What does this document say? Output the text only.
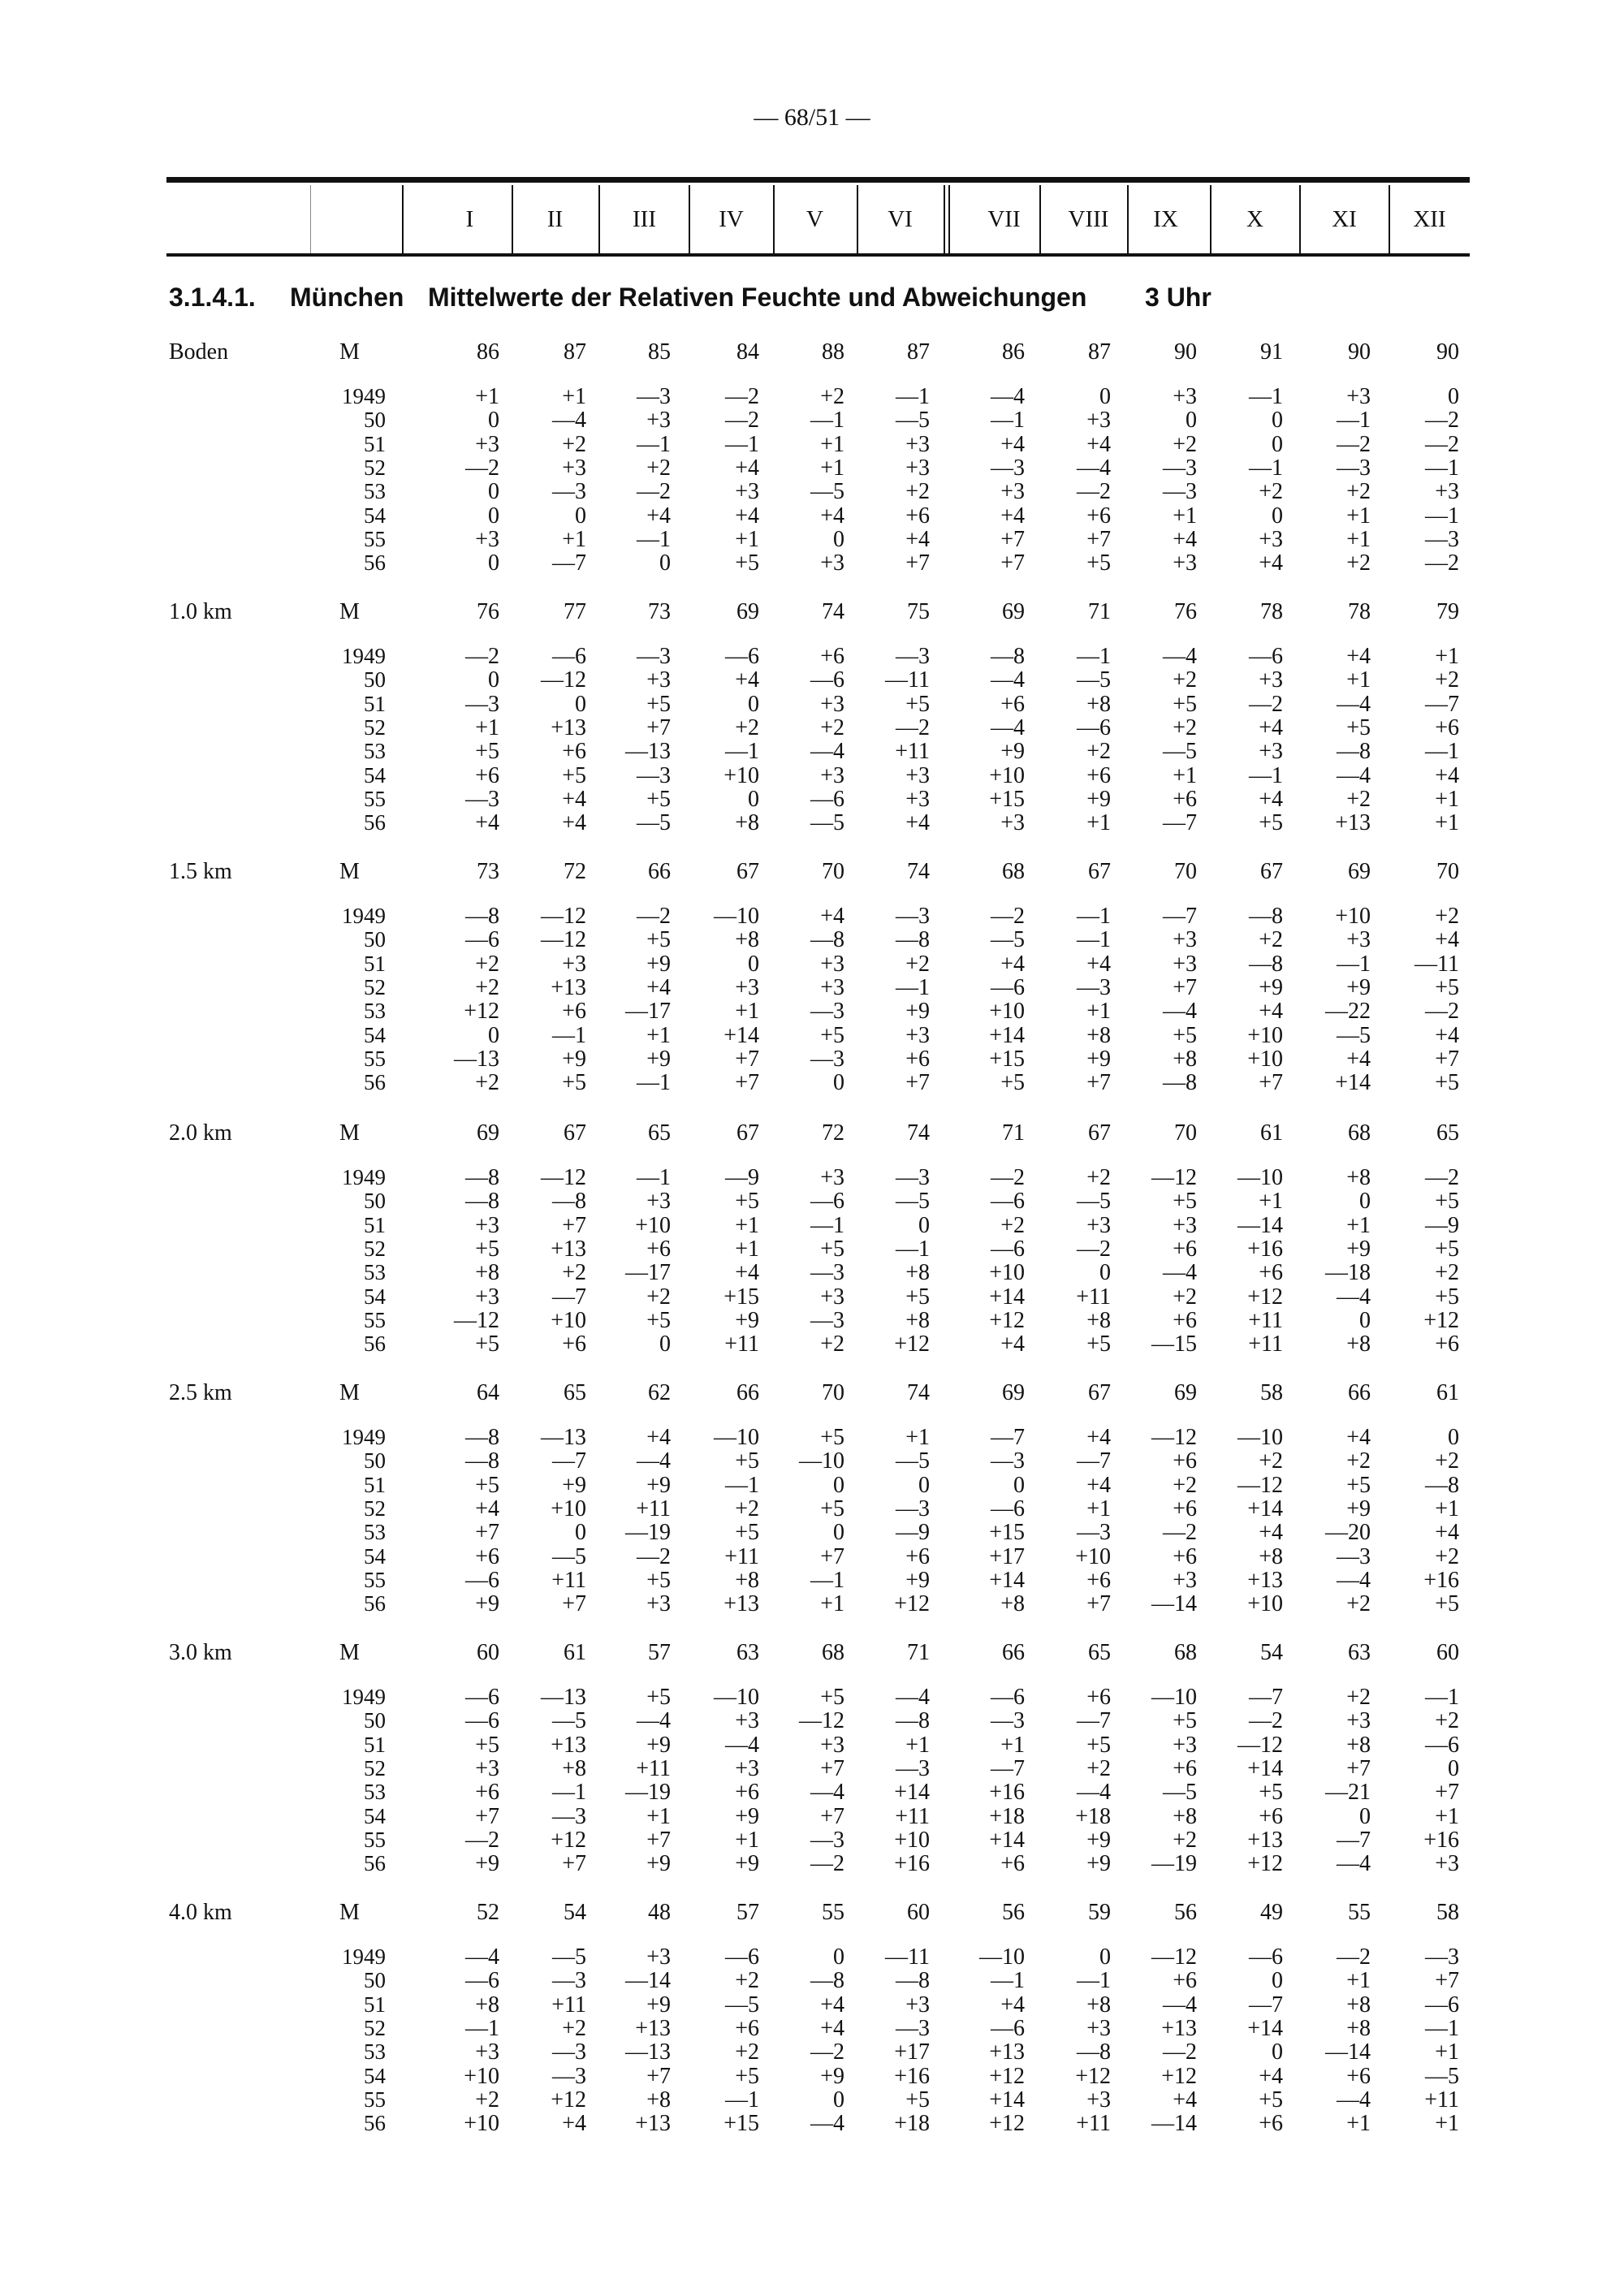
— 68/51 —
I	II	III	IV	V	VI	VII	VIII	IX	X	XI	XII
3.1.4.1. München Mittelwerte der Relativen Feuchte und Abweichungen 3 Uhr
Boden	M	86	87	85	84	88	87	86	87	90	91	90	90
1949	+1	+1	—3	—2	+2	—1	—4	0	+3	—1	+3	0
50	0	—4	+3	—2	—1	—5	—1	+3	0	0	—1	—2
51	+3	+2	—1	—1	+1	+3	+4	+4	+2	0	—2	—2
52	—2	+3	+2	+4	+1	+3	—3	—4	—3	—1	—3	—1
53	0	—3	—2	+3	—5	+2	+3	—2	—3	+2	+2	+3
54	0	0	+4	+4	+4	+6	+4	+6	+1	0	+1	—1
55	+3	+1	—1	+1	0	+4	+7	+7	+4	+3	+1	—3
56	0	—7	0	+5	+3	+7	+7	+5	+3	+4	+2	—2
1.0 km	M	76	77	73	69	74	75	69	71	76	78	78	79
1949	—2	—6	—3	—6	+6	—3	—8	—1	—4	—6	+4	+1
50	0	—12	+3	+4	—6	—11	—4	—5	+2	+3	+1	+2
51	—3	0	+5	0	+3	+5	+6	+8	+5	—2	—4	—7
52	+1	+13	+7	+2	+2	—2	—4	—6	+2	+4	+5	+6
53	+5	+6	—13	—1	—4	+11	+9	+2	—5	+3	—8	—1
54	+6	+5	—3	+10	+3	+3	+10	+6	+1	—1	—4	+4
55	—3	+4	+5	0	—6	+3	+15	+9	+6	+4	+2	+1
56	+4	+4	—5	+8	—5	+4	+3	+1	—7	+5	+13	+1
1.5 km	M	73	72	66	67	70	74	68	67	70	67	69	70
1949	—8	—12	—2	—10	+4	—3	—2	—1	—7	—8	+10	+2
50	—6	—12	+5	+8	—8	—8	—5	—1	+3	+2	+3	+4
51	+2	+3	+9	0	+3	+2	+4	+4	+3	—8	—1	—11
52	+2	+13	+4	+3	+3	—1	—6	—3	+7	+9	+9	+5
53	+12	+6	—17	+1	—3	+9	+10	+1	—4	+4	—22	—2
54	0	—1	+1	+14	+5	+3	+14	+8	+5	+10	—5	+4
55	—13	+9	+9	+7	—3	+6	+15	+9	+8	+10	+4	+7
56	+2	+5	—1	+7	0	+7	+5	+7	—8	+7	+14	+5
2.0 km	M	69	67	65	67	72	74	71	67	70	61	68	65
1949	—8	—12	—1	—9	+3	—3	—2	+2	—12	—10	+8	—2
50	—8	—8	+3	+5	—6	—5	—6	—5	+5	+1	0	+5
51	+3	+7	+10	+1	—1	0	+2	+3	+3	—14	+1	—9
52	+5	+13	+6	+1	+5	—1	—6	—2	+6	+16	+9	+5
53	+8	+2	—17	+4	—3	+8	+10	0	—4	+6	—18	+2
54	+3	—7	+2	+15	+3	+5	+14	+11	+2	+12	—4	+5
55	—12	+10	+5	+9	—3	+8	+12	+8	+6	+11	0	+12
56	+5	+6	0	+11	+2	+12	+4	+5	—15	+11	+8	+6
2.5 km	M	64	65	62	66	70	74	69	67	69	58	66	61
1949	—8	—13	+4	—10	+5	+1	—7	+4	—12	—10	+4	0
50	—8	—7	—4	+5	—10	—5	—3	—7	+6	+2	+2	+2
51	+5	+9	+9	—1	0	0	0	+4	+2	—12	+5	—8
52	+4	+10	+11	+2	+5	—3	—6	+1	+6	+14	+9	+1
53	+7	0	—19	+5	0	—9	+15	—3	—2	+4	—20	+4
54	+6	—5	—2	+11	+7	+6	+17	+10	+6	+8	—3	+2
55	—6	+11	+5	+8	—1	+9	+14	+6	+3	+13	—4	+16
56	+9	+7	+3	+13	+1	+12	+8	+7	—14	+10	+2	+5
3.0 km	M	60	61	57	63	68	71	66	65	68	54	63	60
1949	—6	—13	+5	—10	+5	—4	—6	+6	—10	—7	+2	—1
50	—6	—5	—4	+3	—12	—8	—3	—7	+5	—2	+3	+2
51	+5	+13	+9	—4	+3	+1	+1	+5	+3	—12	+8	—6
52	+3	+8	+11	+3	+7	—3	—7	+2	+6	+14	+7	0
53	+6	—1	—19	+6	—4	+14	+16	—4	—5	+5	—21	+7
54	+7	—3	+1	+9	+7	+11	+18	+18	+8	+6	0	+1
55	—2	+12	+7	+1	—3	+10	+14	+9	+2	+13	—7	+16
56	+9	+7	+9	+9	—2	+16	+6	+9	—19	+12	—4	+3
4.0 km	M	52	54	48	57	55	60	56	59	56	49	55	58
1949	—4	—5	+3	—6	0	—11	—10	0	—12	—6	—2	—3
50	—6	—3	—14	+2	—8	—8	—1	—1	+6	0	+1	+7
51	+8	+11	+9	—5	+4	+3	+4	+8	—4	—7	+8	—6
52	—1	+2	+13	+6	+4	—3	—6	+3	+13	+14	+8	—1
53	+3	—3	—13	+2	—2	+17	+13	—8	—2	0	—14	+1
54	+10	—3	+7	+5	+9	+16	+12	+12	+12	+4	+6	—5
55	+2	+12	+8	—1	0	+5	+14	+3	+4	+5	—4	+11
56	+10	+4	+13	+15	—4	+18	+12	+11	—14	+6	+1	+1
